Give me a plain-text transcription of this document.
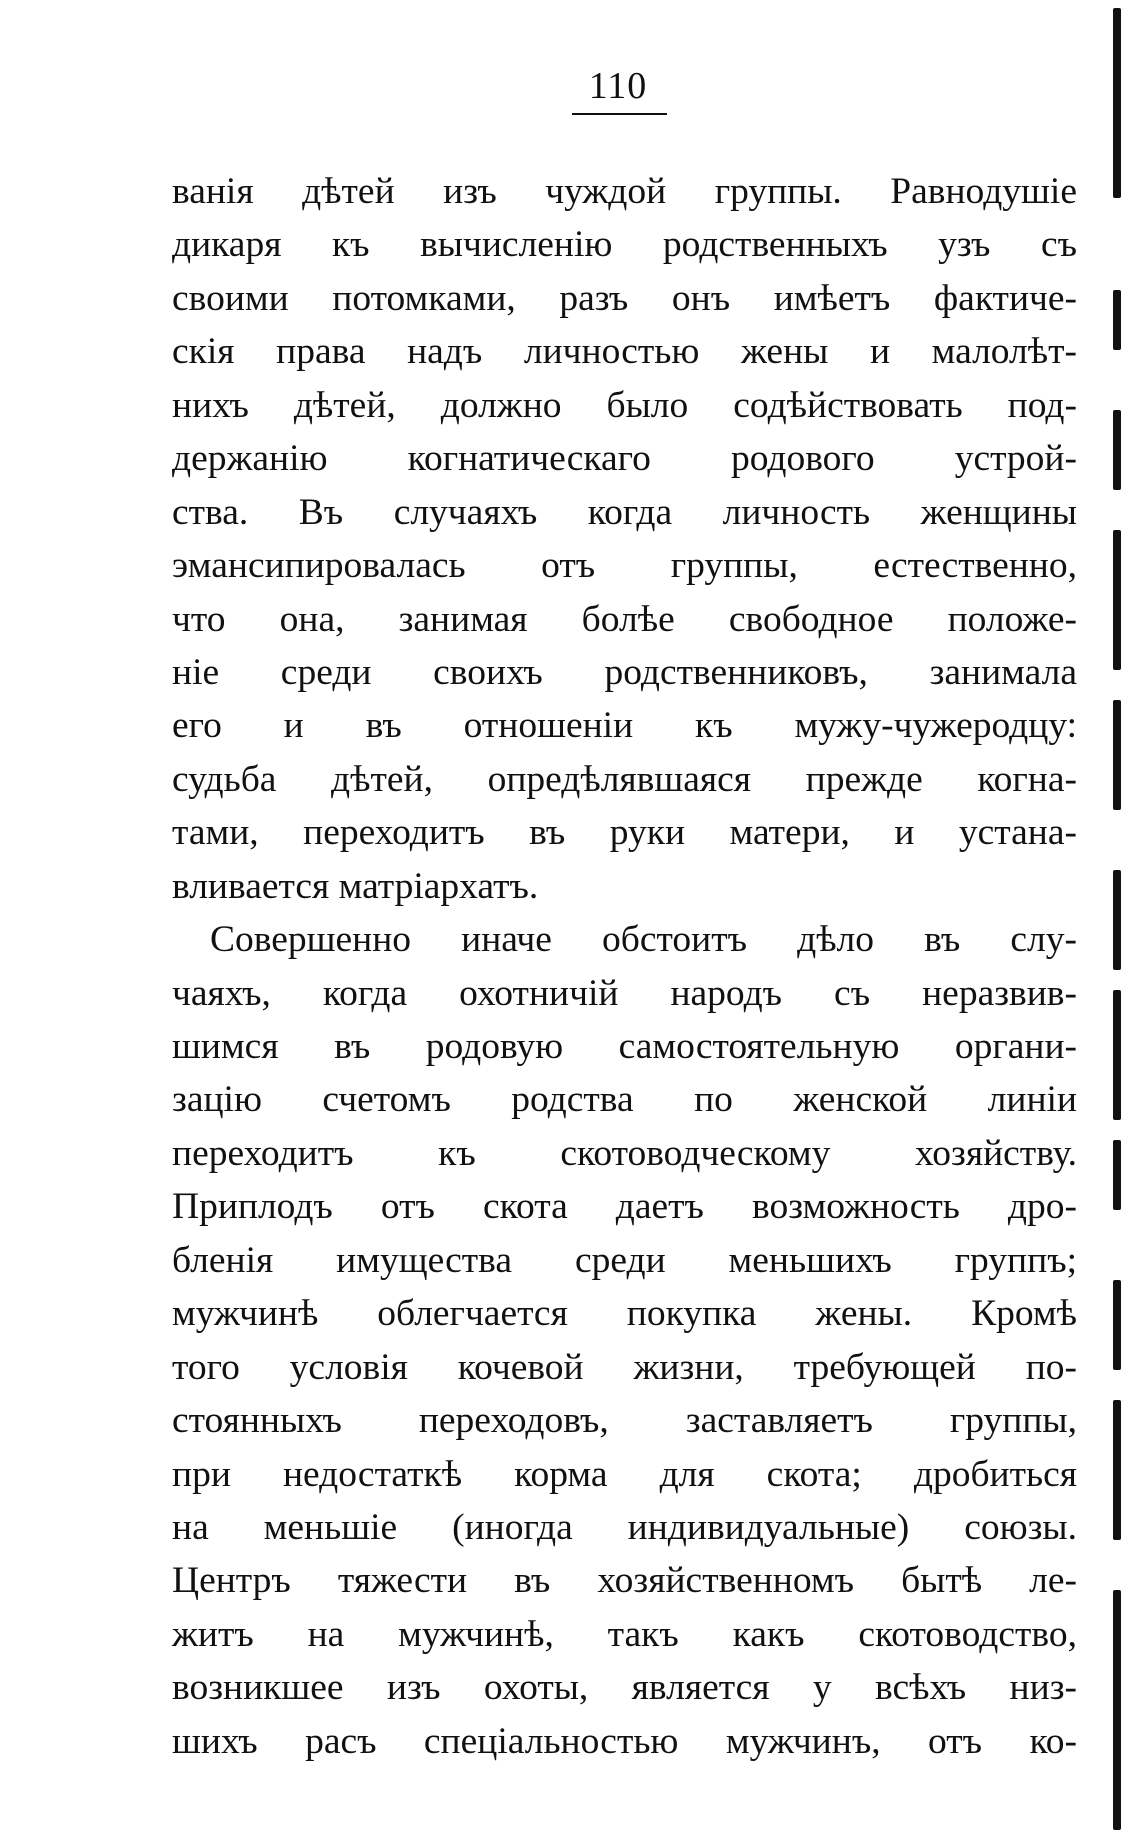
110
ванія дѣтей изъ чуждой группы. Равнодушіе
дикаря къ вычисленію родственныхъ узъ съ
своими потомками, разъ онъ имѣетъ фактиче-
скія права надъ личностью жены и малолѣт-
нихъ дѣтей, должно было содѣйствовать под-
держанію когнатическаго родового устрой-
ства. Въ случаяхъ когда личность женщины
эмансипировалась отъ группы, естественно,
что она, занимая болѣе свободное положе-
ніе среди своихъ родственниковъ, занимала
его и въ отношеніи къ мужу-чужеродцу:
судьба дѣтей, опредѣлявшаяся прежде когна-
тами, переходитъ въ руки матери, и устана-
вливается матріархатъ.
Совершенно иначе обстоитъ дѣло въ слу-
чаяхъ, когда охотничій народъ съ неразвив-
шимся въ родовую самостоятельную органи-
зацію счетомъ родства по женской линіи
переходитъ къ скотоводческому хозяйству.
Приплодъ отъ скота даетъ возможность дро-
бленія имущества среди меньшихъ группъ;
мужчинѣ облегчается покупка жены. Кромѣ
того условія кочевой жизни, требующей по-
стоянныхъ переходовъ, заставляетъ группы,
при недостаткѣ корма для скота; дробиться
на меньшіе (иногда индивидуальные) союзы.
Центръ тяжести въ хозяйственномъ бытѣ ле-
житъ на мужчинѣ, такъ какъ скотоводство,
возникшее изъ охоты, является у всѣхъ низ-
шихъ расъ спеціальностью мужчинъ, отъ ко-
